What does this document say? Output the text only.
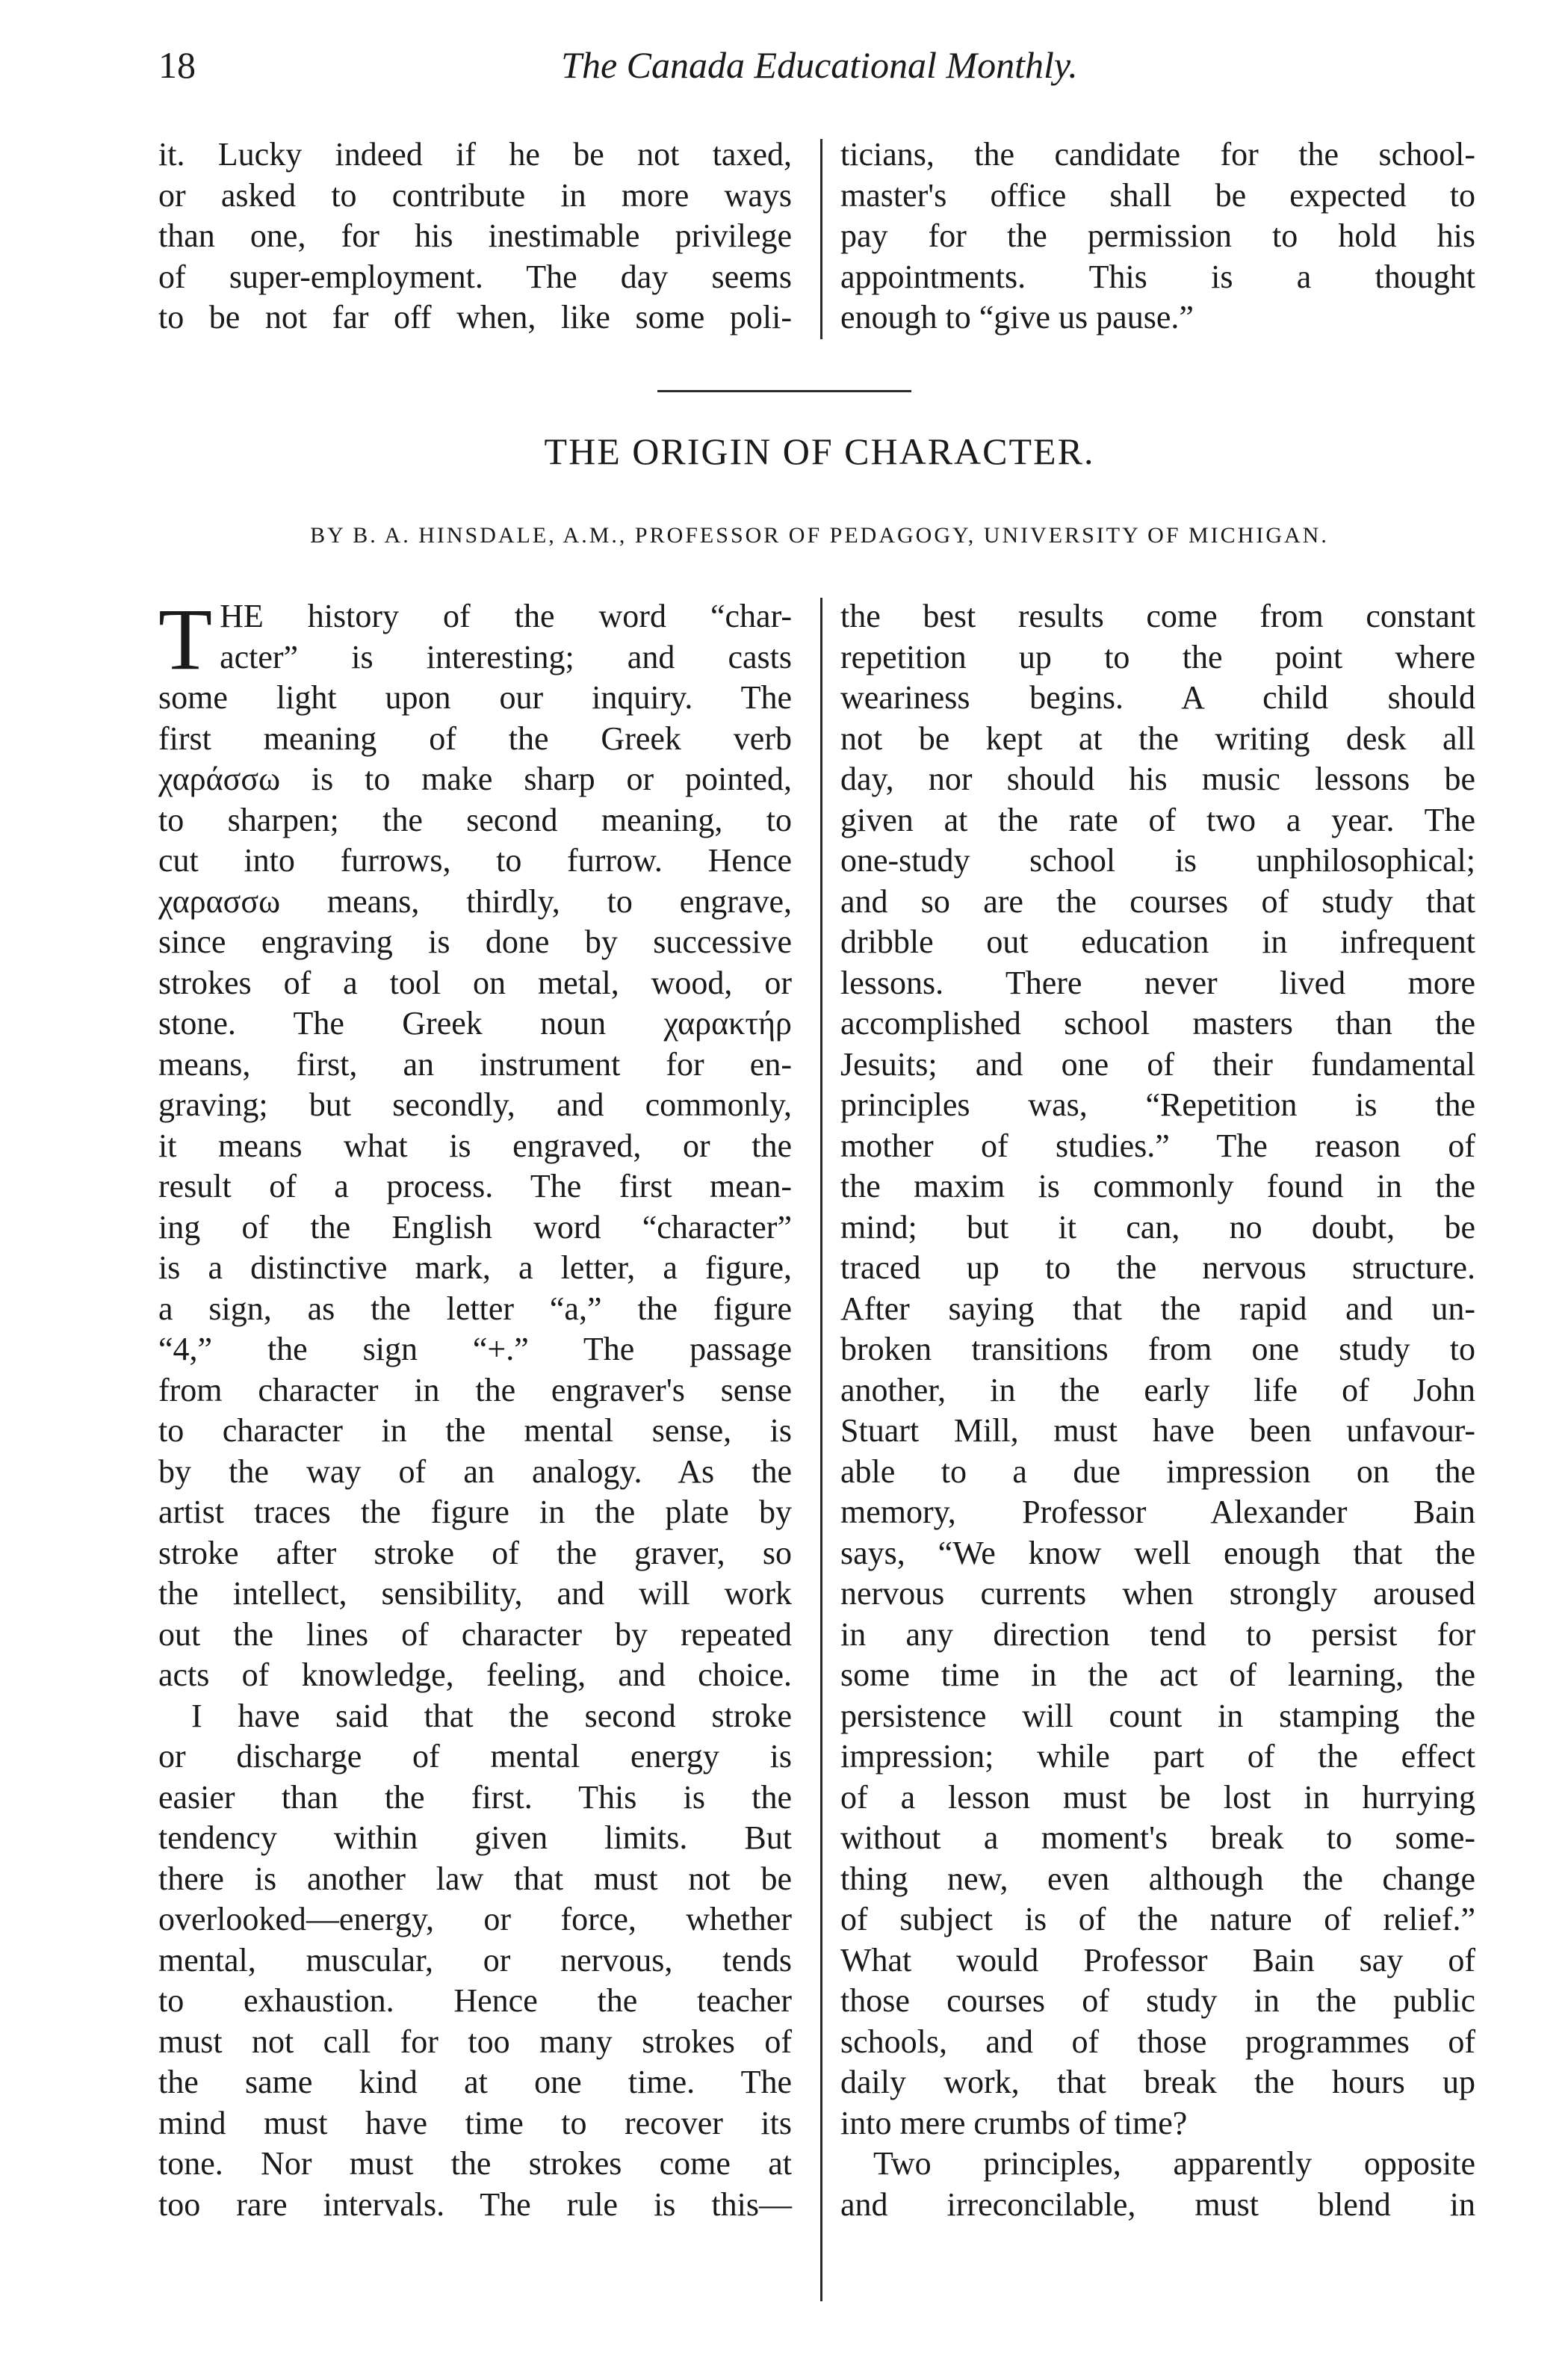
18	The Canada Educational Monthly.

it. Lucky indeed if he be not taxed,
or asked to contribute in more ways
than one, for his inestimable privilege
of super-employment. The day seems
to be not far off when, like some poli-

ticians, the candidate for the school-
master's office shall be expected to
pay for the permission to hold his
appointments. This is a thought
enough to “give us pause.”

THE ORIGIN OF CHARACTER.
BY B. A. HINSDALE, A.M., PROFESSOR OF PEDAGOGY, UNIVERSITY OF MICHIGAN.

T HE history of the word “char-
acter” is interesting; and casts
some light upon our inquiry. The
first meaning of the Greek verb
χαράσσω is to make sharp or pointed,
to sharpen; the second meaning, to
cut into furrows, to furrow. Hence
χαρασσω means, thirdly, to engrave,
since engraving is done by successive
strokes of a tool on metal, wood, or
stone. The Greek noun χαρακτήρ
means, first, an instrument for en-
graving; but secondly, and commonly,
it means what is engraved, or the
result of a process. The first mean-
ing of the English word “character”
is a distinctive mark, a letter, a figure,
a sign, as the letter “a,” the figure
“4,” the sign “+.” The passage
from character in the engraver's sense
to character in the mental sense, is
by the way of an analogy. As the
artist traces the figure in the plate by
stroke after stroke of the graver, so
the intellect, sensibility, and will work
out the lines of character by repeated
acts of knowledge, feeling, and choice.

I have said that the second stroke
or discharge of mental energy is
easier than the first. This is the
tendency within given limits. But
there is another law that must not be
overlooked—energy, or force, whether
mental, muscular, or nervous, tends
to exhaustion. Hence the teacher
must not call for too many strokes of
the same kind at one time. The
mind must have time to recover its
tone. Nor must the strokes come at
too rare intervals. The rule is this—

the best results come from constant
repetition up to the point where
weariness begins. A child should
not be kept at the writing desk all
day, nor should his music lessons be
given at the rate of two a year. The
one-study school is unphilosophical;
and so are the courses of study that
dribble out education in infrequent
lessons. There never lived more
accomplished school masters than the
Jesuits; and one of their fundamental
principles was, “Repetition is the
mother of studies.” The reason of
the maxim is commonly found in the
mind; but it can, no doubt, be
traced up to the nervous structure.
After saying that the rapid and un-
broken transitions from one study to
another, in the early life of John
Stuart Mill, must have been unfavour-
able to a due impression on the
memory, Professor Alexander Bain
says, “We know well enough that the
nervous currents when strongly aroused
in any direction tend to persist for
some time in the act of learning, the
persistence will count in stamping the
impression; while part of the effect
of a lesson must be lost in hurrying
without a moment's break to some-
thing new, even although the change
of subject is of the nature of relief.”
What would Professor Bain say of
those courses of study in the public
schools, and of those programmes of
daily work, that break the hours up
into mere crumbs of time?

Two principles, apparently opposite
and irreconcilable, must blend in
